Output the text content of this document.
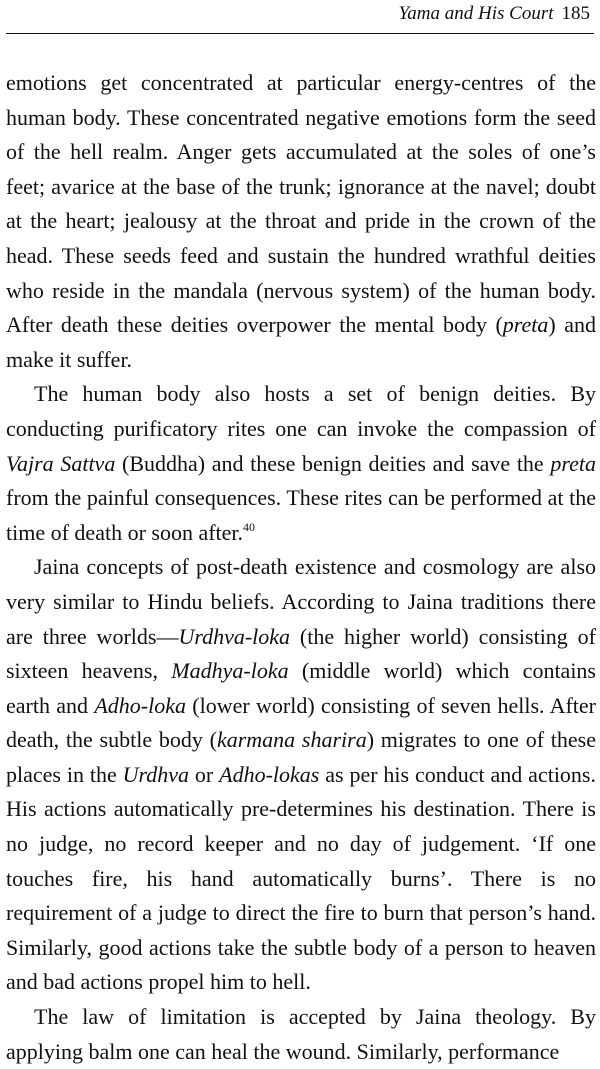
Yama and His Court 185

emotions get concentrated at particular energy-centres of the human body. These concentrated negative emotions form the seed of the hell realm. Anger gets accumulated at the soles of one’s feet; avarice at the base of the trunk; ignorance at the navel; doubt at the heart; jealousy at the throat and pride in the crown of the head. These seeds feed and sustain the hundred wrathful deities who reside in the mandala (nervous system) of the human body. After death these deities overpower the mental body (preta) and make it suffer.

The human body also hosts a set of benign deities. By conducting purificatory rites one can invoke the compassion of Vajra Sattva (Buddha) and these benign deities and save the preta from the painful consequences. These rites can be performed at the time of death or soon after.$^{40}$

Jaina concepts of post-death existence and cosmology are also very similar to Hindu beliefs. According to Jaina traditions there are three worlds—Urdhva-loka (the higher world) consisting of sixteen heavens, Madhya-loka (middle world) which contains earth and Adho-loka (lower world) consisting of seven hells. After death, the subtle body (karmana sharira) migrates to one of these places in the Urdhva or Adho-lokas as per his conduct and actions. His actions automatically pre-determines his destination. There is no judge, no record keeper and no day of judgement. ‘If one touches fire, his hand automatically burns’. There is no requirement of a judge to direct the fire to burn that person’s hand. Similarly, good actions take the subtle body of a person to heaven and bad actions propel him to hell.

The law of limitation is accepted by Jaina theology. By applying balm one can heal the wound. Similarly, performance
